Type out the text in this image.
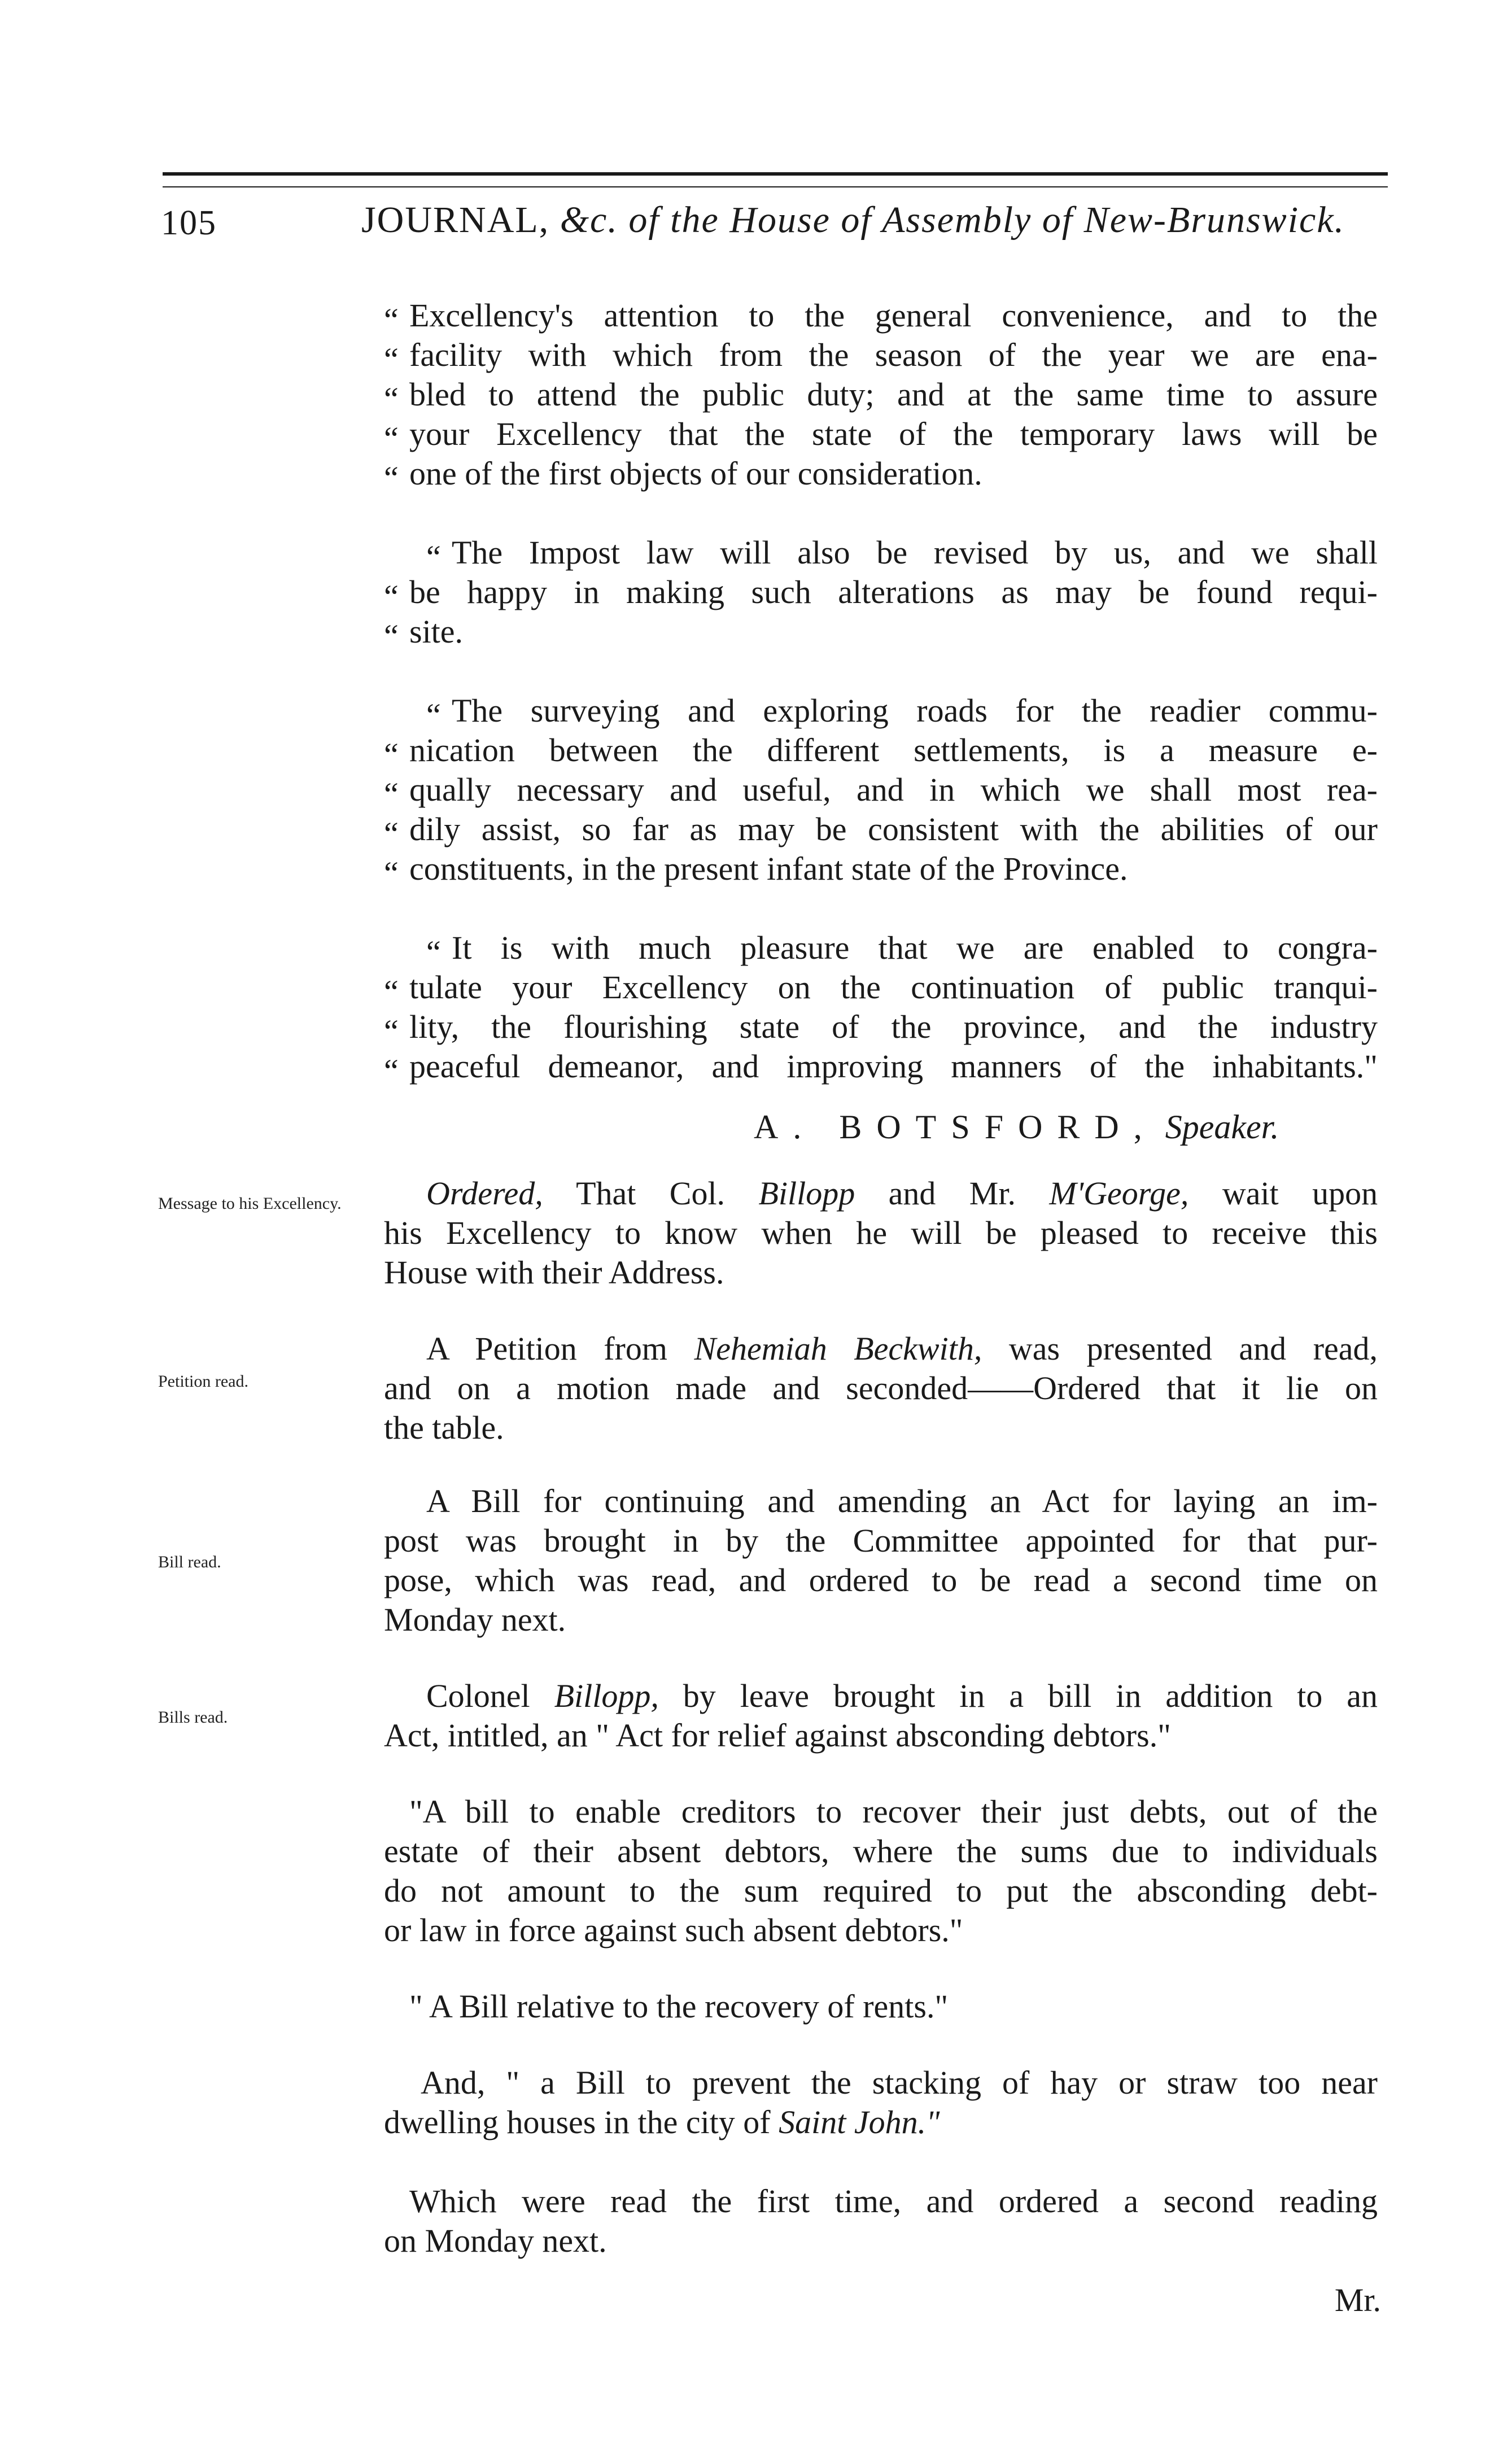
105	JOURNAL, &c. of the House of Assembly of New-Brunswick.
“ Excellency's attention to the general convenience, and to the
“ facility with which from the season of the year we are ena-
“ bled to attend the public duty; and at the same time to assure
“ your Excellency that the state of the temporary laws will be
“ one of the first objects of our consideration.
“ The Impost law will also be revised by us, and we shall
“ be happy in making such alterations as may be found requi-
“ site.
“ The surveying and exploring roads for the readier commu-
“ nication between the different settlements, is a measure e-
“ qually necessary and useful, and in which we shall most rea-
“ dily assist, so far as may be consistent with the abilities of our
“ constituents, in the present infant state of the Province.
“ It is with much pleasure that we are enabled to congra-
“ tulate your Excellency on the continuation of public tranqui-
“ lity, the flourishing state of the province, and the industry
“ peaceful demeanor, and improving manners of the inhabitants."
A. BOTSFORD, Speaker.
Message to his Excellency.
Petition read.
Bill read.
Bills read.
Ordered, That Col. Billopp and Mr. M'George, wait upon
his Excellency to know when he will be pleased to receive this
House with their Address.
A Petition from Nehemiah Beckwith, was presented and read,
and on a motion made and seconded——Ordered that it lie on
the table.
A Bill for continuing and amending an Act for laying an im-
post was brought in by the Committee appointed for that pur-
pose, which was read, and ordered to be read a second time on
Monday next.
Colonel Billopp, by leave brought in a bill in addition to an
Act, intitled, an " Act for relief against absconding debtors."
"A bill to enable creditors to recover their just debts, out of the
estate of their absent debtors, where the sums due to individuals
do not amount to the sum required to put the absconding debt-
or law in force against such absent debtors."
" A Bill relative to the recovery of rents."
And, " a Bill to prevent the stacking of hay or straw too near
dwelling houses in the city of Saint John."
Which were read the first time, and ordered a second reading
on Monday next.
Mr.
